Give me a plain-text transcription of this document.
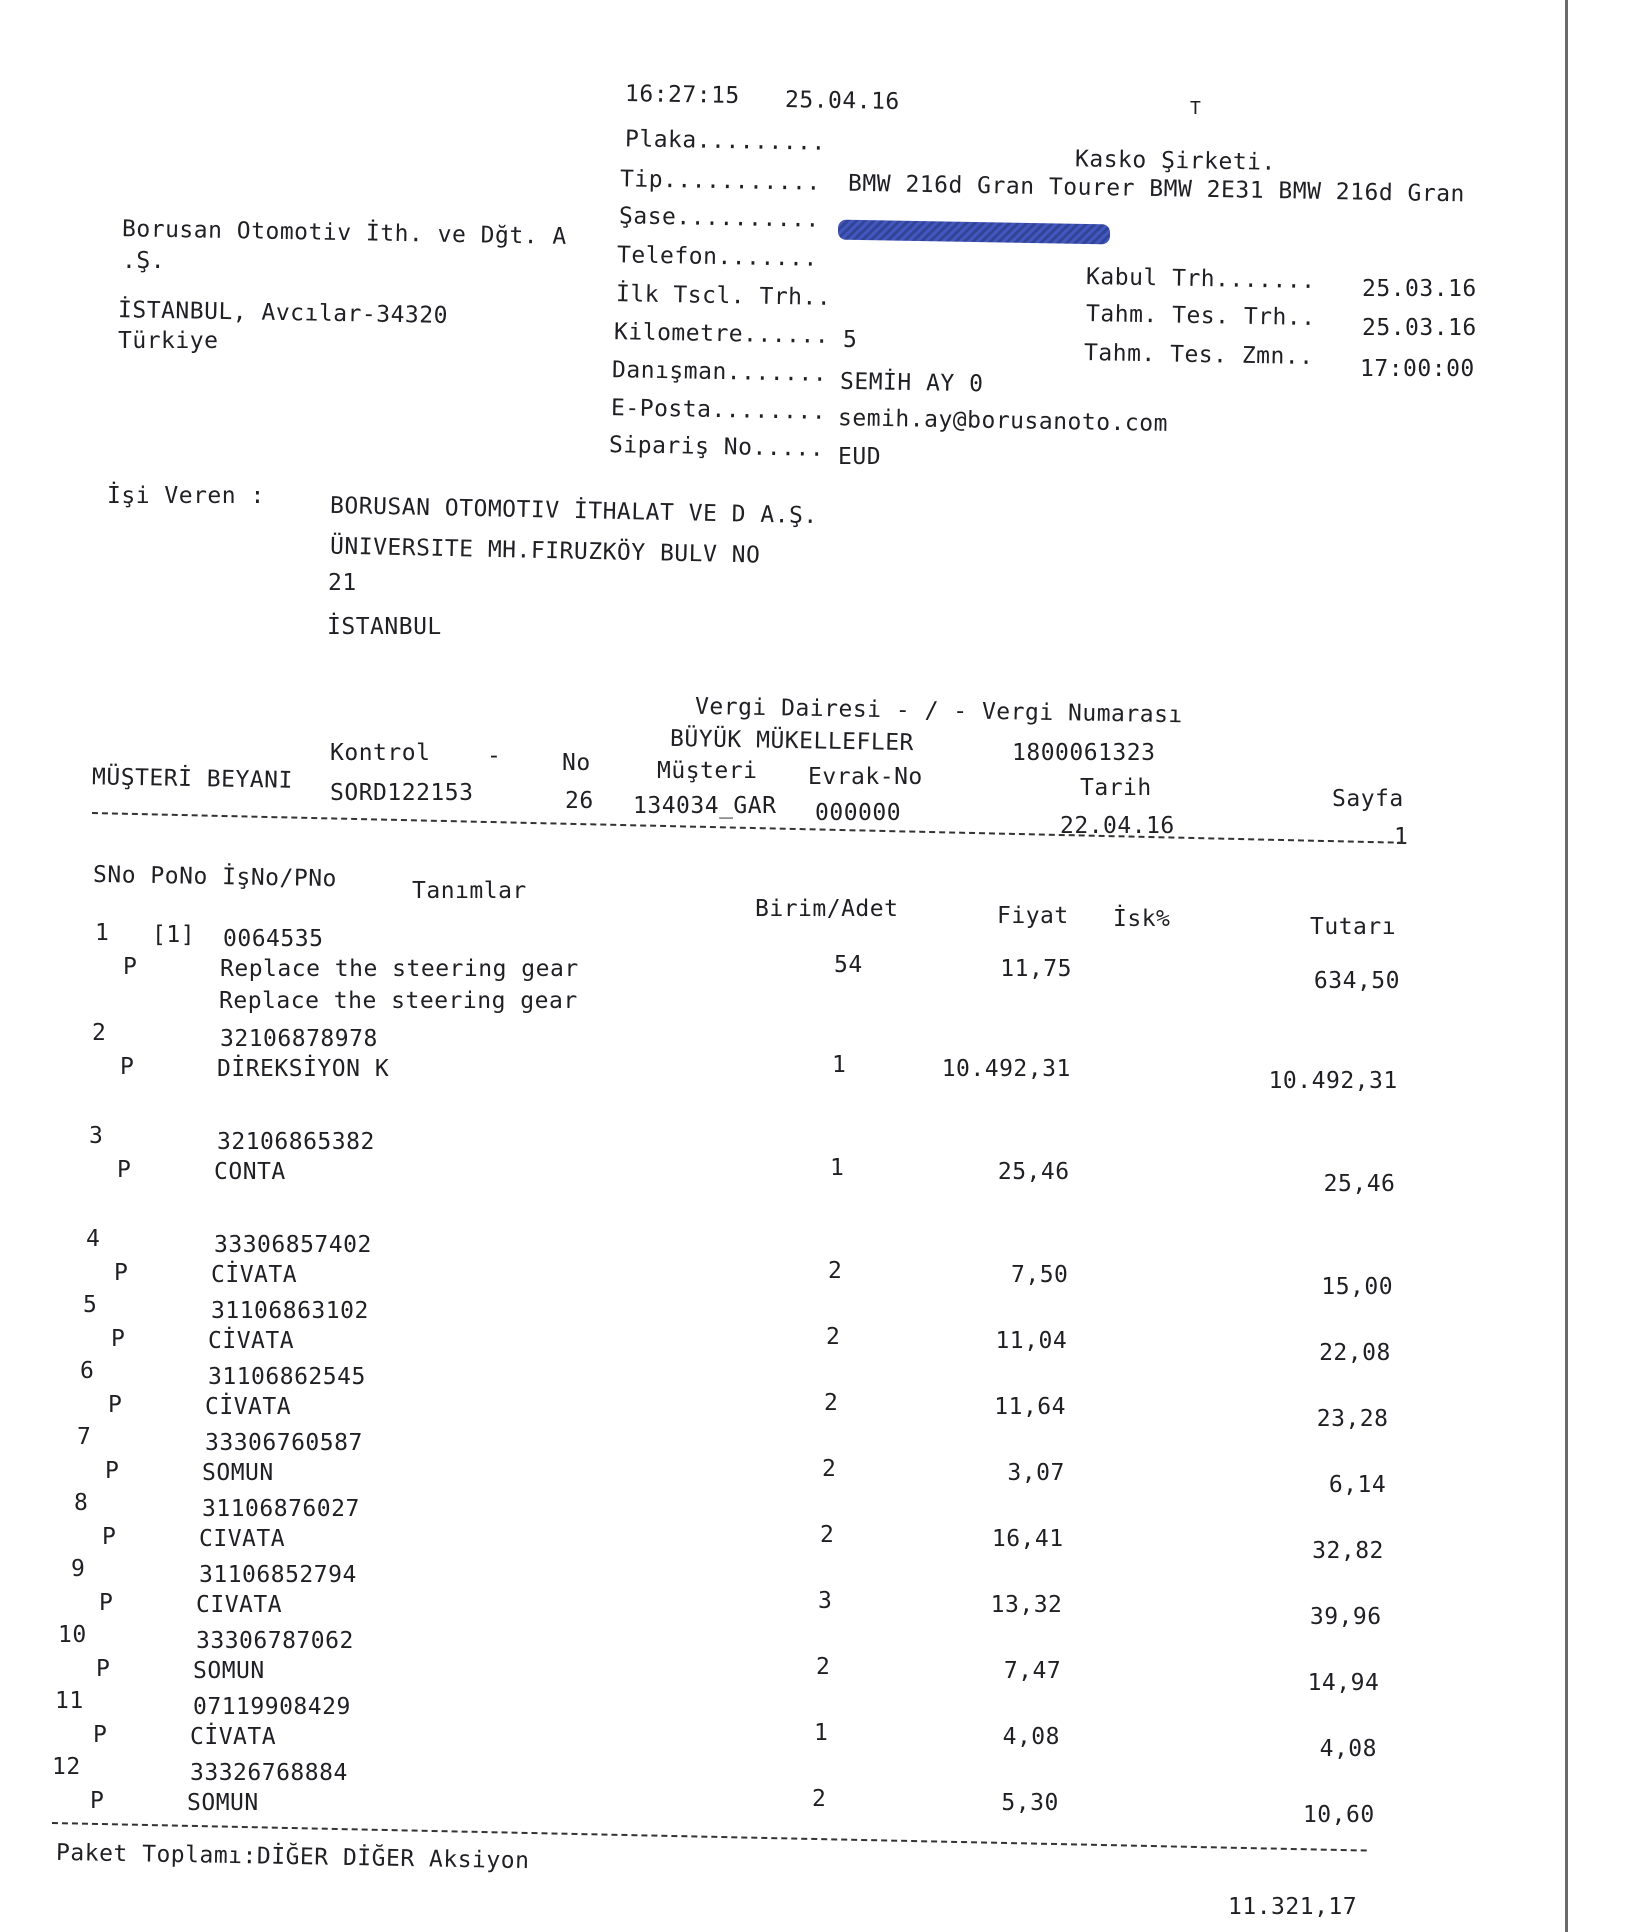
16:27:15 25.04.16	T
Plaka.........
Tip........... BMW 216d Gran Tourer BMW 2E31 BMW 216d Gran
Şase..........
Telefon.......
İlk Tscl. Trh..
Kilometre...... 5
Danışman....... SEMİH AY 0
E-Posta........ semih.ay@borusanoto.com
Sipariş No..... EUD
Kasko Şirketi.
Kabul Trh....... 25.03.16
Tahm. Tes. Trh.. 25.03.16
Tahm. Tes. Zmn.. 17:00:00
Borusan Otomotiv İth. ve Dğt. A
.Ş.
İSTANBUL, Avcılar-34320
Türkiye
İşi Veren :	BORUSAN OTOMOTIV İTHALAT VE D A.Ş.
ÜNIVERSITE MH.FIRUZKÖY BULV NO
21
İSTANBUL
Vergi Dairesi - / - Vergi Numarası
BÜYÜK MÜKELLEFLER	1800061323
Kontrol -	No	Müşteri Evrak-No	Tarih	Sayfa
MÜŞTERİ BEYANI SORD122153	26 134034_GAR 000000	22.04.16	1
SNo PoNo İşNo/PNo	Tanımlar
Birim/Adet	Fiyat İsk%	Tutarı
1 [1] 0064535
P	Replace the steering gear
Replace the steering gear
54	11,75	634,50
2	32106878978
P	DİREKSİYON K	1	10.492,31	10.492,31
3	32106865382
P	CONTA	1	25,46	25,46
4	33306857402
P	CİVATA	2	7,50	15,00
5	31106863102
P	CİVATA	2	11,04	22,08
6	31106862545
P	CİVATA	2	11,64	23,28
7	33306760587
P	SOMUN	2	3,07	6,14
8	31106876027
P	CIVATA	2	16,41	32,82
9	31106852794
P	CIVATA	3	13,32	39,96
10	33306787062
P	SOMUN	2	7,47	14,94
11	07119908429
P	CİVATA	1	4,08	4,08
12	33326768884
P	SOMUN	2	5,30	10,60
Paket Toplamı:DİĞER DİĞER Aksiyon
11.321,17
